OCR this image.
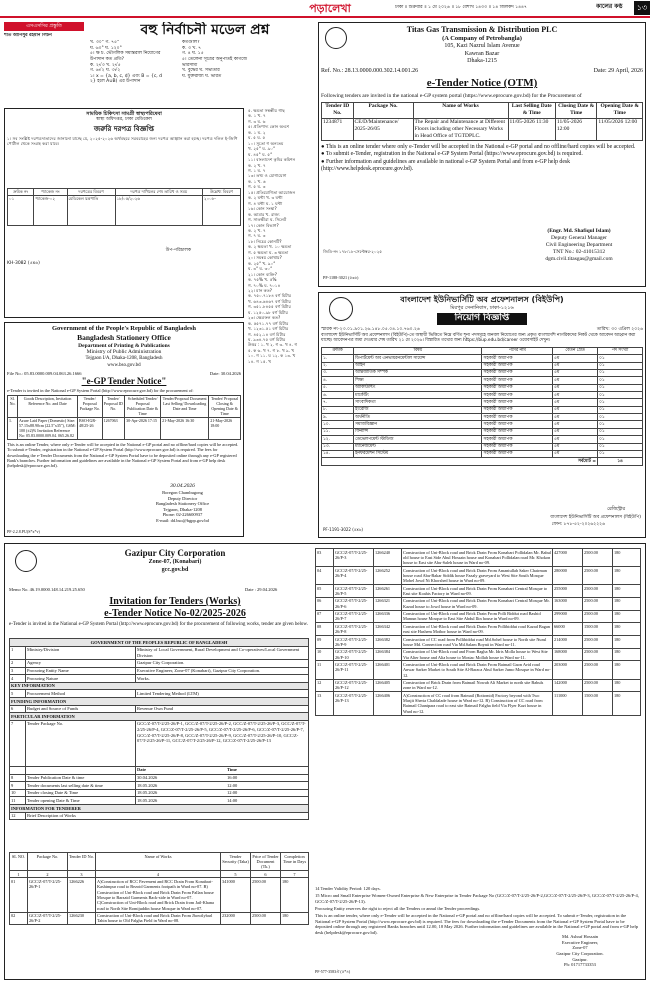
পড়ালেখা	ঢাকা ॥ শুক্রবার ॥ ১ মে ২০২৬ ॥ ১৮ বৈশাখ ১৪৩৩ ॥ ১৪ জিলকদ ১৪৪৭	কালের কণ্ঠ	১৩
এসএসসির প্রস্তুতি	বহু নির্বাচনী মডেল প্রশ্ন
শীত আনিসুর রহমান লিটন
খ. ৩০° গ. ৭৫°
ঘ. ৬০° ঘ. ১২০°
৫। ক্ষ চ. ভৌগলিক সমান্তরাল নিয়োগের
উপাদান কত প্রতি?
ক. ২√৩ খ. ২√৫
গ. ৬√২ ঘ. ৩√২
১। x = {a, b, c, d} এবং B = {c, d
২} হলে A∪B) এর উপাদান
কতগুলি?
ক. ৩ খ. ৭
গ. ৪ ঘ. ১৫
৫। তেলেনা সূত্রের অনুপাতই কাগজে ভারসাম্য
খ. বুদ্ধের ঘ. সভ্যতার
ঘ. যুক্তরাজ্য ঘ. ভারত
৫. ক্ষমতা সম্বন্ধীয় গাছ
ক. ১ খ. ৭
গ. ৩ ঘ. ৬
৫। প্রতিপাদ্য কোন অংশে
ক. ১ ঘ. ২
ঘ. ৫ ঘ. ৫
১০। সুতো গ অন্যতম
খ. ২৫° ঘ. ৯০°
ঘ. ৪৫° ঘ. ৫°
১১। বাংলাদেশ কৃষির কমিশন
ক. ২ খ. ৭
গ. ১ ঘ. ৭
১৩। তথ্য ও যোগাযোগ
ক. ১ খ. ৬
গ. ৫ ঘ. ৩
১৫। প্রতিযোগিতা আয়োজন
ক. ২ ঘন্টা খ. ৩ ঘন্টা
গ. ৪ ঘন্টা ঘ. ১ ঘন্টা
১৬। কোন সংস্থা?
ক. আমার খ. রাজ্য
গ. সাতক্ষীরা ঘ. সিলেট
১৭। কোন বিভাগ?
ক. ২ খ. ৭
গ. ৭ ঘ. ৩
১৮। নিচের কোনটি?
ক. ২ ক্ষমতা খ. ১০ ক্ষমতা
গ. ৫ ক্ষমতা ঘ. ৩ ক্ষমতা
২০। সমন্বয় কোথায়?
ক. ২৫° খ. ৯০°
ঘ. ৩° ঘ. ৩০°
২১। কোন ব্যক্তি?
ক. ৭৫% খ. ৫%
গ. ৭০% ঘ. ৭০১৪
২২। মান কত?
ক. ৭৫০.৭১৮৪ বর্গ মিটার
খ. ৬৪৩.৬৪৬৭ বর্গ মিটার
গ. ৩৫১.৮৪৫৫ বর্গ মিটার
ঘ. ১২৫০.৯৮ বর্গ মিটার
২৩। ক্ষেত্রফল কত?
ক. ৫৫৭১.৭৭ বর্গ মিটার
খ. ১২৩১.৫১ বর্গ মিটার
গ. ৪৫২.১৪ বর্গ মিটার
ঘ. ৯৩৪.৭৫ বর্গ মিটার
উত্তর : ১. খ ২. গ ৩. খ ৪. গ
৫. ক ৬. খ ৭. গ ৮. খ ৯. খ
১০. গ ১১. ঘ ১২. ক ১৩. খ
১৪. গ ১৫. খ
সাময়িক চিকিৎসা সামগ্রী স্বাস্থ্যপরিষেবা
স্বাস্থ্য অধিদপ্তর, ঢাকা মেডিকেল
জরুরি দরপত্র বিজ্ঞপ্তি
১। সব সংশ্লিষ্ট দরপত্রদাতাদের জানানো যাচ্ছে যে, ২০২৫-২০২৬ অর্থবছরে সরবরাহের জন্য দরপত্র আহ্বান করা হচ্ছে। দরপত্র দলিল ই-জিপি পোর্টাল থেকে সংগ্রহ করা যাবে।
ক্রমিক নং	প্যাকেজ নং	দরপত্রের বিবরণ	দরপত্র দাখিলের শেষ তারিখ ও সময়	উল্লেখ্য বিবরণ
০১	প্যাকেজ-০২	মেডিকেল যন্ত্রপাতি	১৮/০৫/২০২৬	২০০৮-
উপ-পরিচালক
KH-3082 (৫x৬)
Government of the People's Republic of Bangladesh
Bangladesh Stationery Office
Department of Printing & Publications
Ministry of Public Administration
Tejgaon I/A, Dhaka-1208, Bangladesh
www.bso.gov.bd
File No.: 05.83.0000.009.04.063.26.1666	Date: 30.04.2026
"e-GP Tender Notice"
e-Tender is invited in the National e-GP System Portal (http://www.eprocure.gov.bd) for the procurement of:
Sl. No.	Goods Description, Invitation Reference No. and Date	Tender/ Proposal Package No.	Tender/ Proposal ID No.	Scheduled Tender/ Proposal Publication Date & Time	Tender/Proposal Document Last Selling/ Downloading Date and Time	Tender/ Proposal Closing & Opening Date & Time
1.	Azure Laid Paper (Domestic) Size: 57.15x88.90cm (22.5"x35"), GSM: 100 (±2)% Invitation Reference No: 05.83.0000.009.04. 065.26.82	BSO-IGR-48/25-26	1267063	30-Apr-2026 17:15	21-May-2026 16:30	21-May-2026 18:00
This is an online Tender, where only e-Tender will be accepted in the National e-GP portal and no offline/hard copies will be accepted. To submit e-Tender, registration in the National e-GP System Portal (http://www.eprocure.gov.bd) is required. The fees for downloading the e-Tender Documents from the National e-GP System Portal have to be deposited online through any e-GP registered Bank's branches. Further information and guidelines are available in the National e-GP System Portal and from e-GP help desk (helpdesk@eprocure.gov.bd).
30.04.2026
Boregon Chambugong
Deputy Director
Bangladesh Stationery Office
Tejgaon, Dhaka-1208
Phone: 02-226600937
E-mail: dd.bso@bgpp.gov.bd
PF-2.2.8.PU(S*x*v)
Titas Gas Transmission & Distribution PLC
(A Company of Petrobangla)
105, Kazi Nazrul Islam Avenue
Kawran Bazar
Dhaka-1215
Ref. No.: 28.13.0000.000.302.14.001.26	Date: 29 April, 2026
e-Tender Notice (OTM)
Following tenders are invited in the national e-GP system portal (https://www.eprocure.gov.bd) for the Procurement of
Tender ID No.	Package No.	Name of Works	Last Selling Date & Time	Closing Date & Time	Opening Date & Time
1234871	CE/D/Maintenance/ 2025-26/05	The Repair and Maintenance at Different Floors including other Necessary Works in Head Office of TGTDPLC.	11/05-2026 11:30	11/05-2026 12:00	11/05/2026 12:00
● This is an online tender where only e-Tender will be accepted in the National e-GP portal and no offline/hard copies will be accepted.
● To submit e-Tender, registration in the National e-GP System Portal (https://www.eprocure.gov.bd) is required.
● Further information and guidelines are available in national e-GP System Portal and from e-GP help desk (http://www.helpdesk.eprocure.gov.bd).
(Engr. Md. Shafiqul Islam)
Deputy General Manager
Civil Engineering Department
TNT No.: 02-41015312
dgm.civil.titasgas@gmail.com
জিডি-নং ১৭৮/১৮-সেপ্টেম্বর-২০২৫
PF-1188-3021 (৫x৬)
বাংলাদেশ ইউনিভার্সিটি অব প্রফেশনালস (বিইউপি)
মিরপুর সেনানিবাস, ঢাকা-১২১৬
নিয়োগ বিজ্ঞপ্তি
স্মারক নং-২৩.০১.৯০১.২৬.১৪৮.০৫.০৪.১০.৭৬০.২৬	তারিখ: ৩০ এপ্রিল ২০২৬
বাংলাদেশ ইউনিভার্সিটি অব প্রফেশনালস (বিইউপি)-তে অস্থায়ী ভিত্তিতে নিম্নে বর্ণিত শূন্য পদসমূহে জনবল নিয়োগের জন্য প্রকৃত বাংলাদেশি নাগরিকদের নিকট থেকে আবেদন আহ্বান করা যাচ্ছে। আবেদনপত্র জমা দেওয়ার শেষ তারিখ ২১ মে ২০২৬। বিস্তারিত তথ্যের জন্য https://bup.edu.bd/career ওয়েবসাইট দেখুন।
ক্রমিক	বিষয়	পদের নাম	বেতন গ্রেড	পদ সংখ্যা
১.	ডিপার্টমেন্ট অব এনভায়রনমেন্টাল সায়েন্স	সহকারী অধ্যাপক	৫ম	০১
২.	আইন	সহকারী অধ্যাপক	৫ম	০১
৩.	আন্তর্জাতিক সম্পর্ক	সহকারী অধ্যাপক	৫ম	০১
৪.	শিক্ষা	সহকারী অধ্যাপক	৫ম	০১
৫.	অ্যাকাউন্টিং	সহকারী অধ্যাপক	৫ম	০১
৬.	মার্কেটিং	সহকারী অধ্যাপক	৫ম	০১
৭.	সাংবাদিকতা	সহকারী অধ্যাপক	৫ম	০১
৮.	ইংরেজি	সহকারী অধ্যাপক	৫ম	০১
৯.	অর্থনীতি	সহকারী অধ্যাপক	৫ম	০১
১০.	সমাজবিজ্ঞান	সহকারী অধ্যাপক	৫ম	০১
১১.	ফিন্যান্স	সহকারী অধ্যাপক	৫ম	০১
১২.	ডেভেলপমেন্ট স্টাডিজ	সহকারী অধ্যাপক	৫ম	০১
১৩.	ম্যানেজমেন্ট	সহকারী অধ্যাপক	৫ম	০১
১৪.	ইনফরমেশন সিস্টেম	সহকারী অধ্যাপক	৫ম	০১
সর্বমোট =				১৪
রেজিস্ট্রার
বাংলাদেশ ইউনিভার্সিটি অব প্রফেশনালস (বিইউপি)
ফোন: ৮৭৮-৫২-২০২৬২২২৬
PF-1191-3022 (৫x৬)
Gazipur City Corporation
Zone-07, (Konabari)
gcc.gov.bd
Memo No. 46.19.0000.148.14.219.25.650	Date : 29.04.2026
Invitation for Tenders (Works)
e-Tender Notice No-02/2025-2026
e-Tender is invited in the National e-GP System Portal (http://www.eprocure.gov.bd) for the procurement of following works, tender are given below.
GOVERNMENT OF THE PEOPLES REPUBLIC OF BANGLADESH		
1	Ministry/Division	Ministry of Local Government, Rural Development and Co-operatives/Local Government Division
2	Agency	Gazipur City Corporation.
3	Procuring Entity Name	Executive Engineer, Zone-07 (Konabari), Gazipur City Corporation.
4	Procuring Nature	Works.
KEY INFORMATION		
5	Procurement Method	Limited Tendering Method (LTM)
FUNDING INFORMATION		
6	Budget and Source of Funds	Revenue Own Fund
PARTICULAR INFORMATION		
7	Tender Package No.	GCC/Z-07/T-2/25-26/P-1, GCC/Z-07/T-2/25-26/P-2, GCC/Z-07/T-2/25-26/P-3, GCC/Z-07/T-2/25-26/P-4, GCC/Z-07/T-2/25-26/P-5, GCC/Z-07/T-2/25-26/P-6, GCC/Z-07/T-2/25-26/P-7, GCC/Z-07/T-2/25-26/P-8, GCC/Z-07/T-2/25-26/P-9, GCC/Z-07/T-2/25-26/P-10, GCC/Z-07/T-2/25-26/P-11, GCC/Z-07/T-2/25-26/P-12, GCC/Z-07/T-2/25-26/P-13
		Date Time
8	Tender Publication Date & time	30.04.2026 16:00
9	Tender documents last selling date & time	18.05.2026 12:00
10	Tender closing Date & Time	18.05.2026 12:00
11	Tender opening Date & Time	18.05.2026 14:00
INFORMATION FOR TENDERER		
12	Brief Description of Works	
SL NO.	Package No.	Tender ID No.	Name of Works	Tender Security (Taka)	Price of Tender Document (Tk.)	Completion Time in Days
1	2	3	4	5	6	7
01	GCC/Z-07/T-2/25-26/P-1	1266226	A)Construction of RCC Pavement and RCC Drain From Konabari-Kashimpur road to Bezoid Garments footpath in Ward no-07. B) Construction of Uni-Block road and Brick Drain From Pallan house Mosque to Barzaid Garments Back-side in Ward no-07. C)Construction of Uni-Block road and Brick Drain from Jail-Khana road to North Site Romijuddin house Mosque in Ward no-07.	341000	2500.00	180
02	GCC/Z-07/T-2/25-26/P-2	1266230	Construction of Uni-Block road and Brick Drain From Jhowtlybarl Tahin house to Old Falgha Field in Ward no-08.	232000	2500.00	180
03	GCC/Z-07/T-2/25-26/P-3	1266240	Construction of Uni-Block road and Brick Drain From Konabari Pollidalan Mr. Babul old house to East Side Abul Hossain house and Konabari Pollidalan road Mr. Khokon house to East site Abu-Saleh house in Ward no-09.	427000	2500.00	180
04	GCC/Z-07/T-2/25-26/P-4	1266252	Construction of Uni-Block road and Brick Drain From Amaniullah Saker Chairman house road Abu-Bakar Siddik house Fazaly graveyard to West Site South Mosque Mobel Jowd Ni Khorshed house in Ward no-09.	280000	2500.00	180
05	GCC/Z-07/T-2/25-26/P-5	1266261	Construction of Uni-Block road and Brick Drain From Konabari Central Mosque to East site Koahis Factory in Ward no-09.	255000	2500.00	180
06	GCC/Z-07/T-2/25-26/P-6	1266321	Construction of Uni-Block road and Brick Drain From Konabari Central Mosque Mr. Kazad house to Jowd house in Ward no-09.	163000	2500.00	180
07	GCC/Z-07/T-2/25-26/P-7	1266336	Construction of Uni-Block road and Brick Drain From Polli Biddut road Bashid Mamun house Mosque to East Site Abdul Ilin house in Ward no-09.	299000	2500.00	180
08	GCC/Z-07/T-2/25-26/P-8	1266342	Construction of Uni-Block road and Brick Drain From Pollibiddut road Kazad Bagan east site Hashem Motbor house in Ward no-09.	66000	1500.00	180
09	GCC/Z-07/T-2/25-26/P-9	1266382	Construction of CC road from Pollibiddut road Md.Sohel house to North site Nurul house Md. Connection road Via Md.Salam Boyati in Ward no-11.	214000	2500.00	180
10	GCC/Z-07/T-2/25-26/P-10	1266384	Construction of Uni-Block road and From Bagha Mr. Idris Molla house to West Site Via Alter house and Alia house to Mostac Mollah house in Ward no-11.	168000	2500.00	180
11	GCC/Z-07/T-2/25-26/P-11	1266401	Construction of Uni-Block road and Brick Drain From Baimail Gaon Avid road Anwar Sarker Market to South Site Al-Baraca Abul Sarker Jumo Mosque in Ward no-12.	203000	2500.00	180
12	GCC/Z-07/T-2/25-26/P-12	1266405	Construction of Brick Drain from Baimail Nowab Ali Market to north site Babuls zone in Ward no-12.	142000	2500.00	180
13	GCC/Z-07/T-2/25-26/P-13	1266406	A)Construction of CC road from Baimail (Bottomid) Factory beyond with Two Masjit Sheria Chaldalade house in Ward no-12. B) Construction of CC road from Baimail Chanipara road to east site Baimail Falgha field Via Flyer Kazi house in Ward no-12.	111000	1500.00	180
14 Tender Validity Period: 120 days.
15 Micro and Small Enterprise Women-Owned Enterprise & New Enterprise in Tender Package No (GCC/Z-07/T-2/25-26/P-2,GCC/Z-07/T-2/25-26/P-3, GCC/Z-07/T-2/25-26/P-4, GCC/Z-07/T-2/25-26/P-13).
Procuring Entity reserves the right to reject all the Tenders or annul the Tender proceedings.
This is an online tender, where only e-Tender will be accepted in the National e-GP portal and no offline/hard copies will be accepted. To submit e-Tender, registration in the National e-GP System Portal (http://www.eprocure.gov.bd) is required. The fees for downloading the e-Tender Documents from the National e-GP System Portal have to be deposited online through any registered Banks branches until 12.00, 18 May 2026. Further information and guidelines are available in the National e-GP portal and from e-GP help desk (helpdesk@eprocure.gov.bd).
Md. Ashraf Hossain
Executive Engineer,
Zone-07
Gazipur City Corporation.
Gazipur.
Ph: 01717733353
PF-577-3583ঐ (৫*৪)
